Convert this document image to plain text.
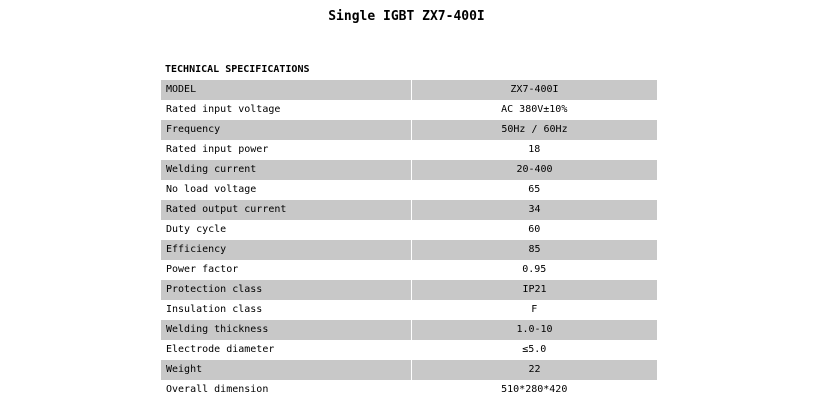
Single IGBT ZX7-400I
TECHNICAL SPECIFICATIONS
MODEL	ZX7-400I
Rated input voltage	AC 380V±10%
Frequency	50Hz / 60Hz
Rated input power	18
Welding current	20-400
No load voltage	65
Rated output current	34
Duty cycle	60
Efficiency	85
Power factor	0.95
Protection class	IP21
Insulation class	F
Welding thickness	1.0-10
Electrode diameter	≤5.0
Weight	22
Overall dimension	510*280*420
